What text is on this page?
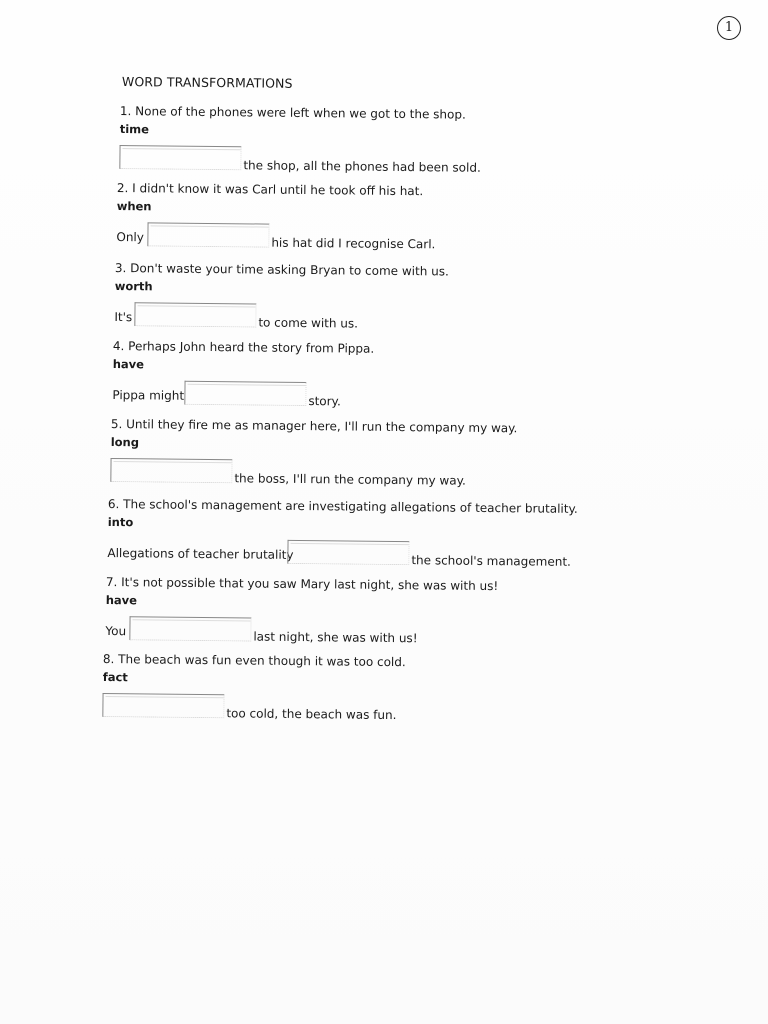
1
WORD TRANSFORMATIONS
1. None of the phones were left when we got to the shop.
time
the shop, all the phones had been sold.
2. I didn't know it was Carl until he took off his hat.
when
Only	his hat did I recognise Carl.
3. Don't waste your time asking Bryan to come with us.
worth
It's	to come with us.
4. Perhaps John heard the story from Pippa.
have
Pippa might	story.
5. Until they fire me as manager here, I'll run the company my way.
long
the boss, I'll run the company my way.
6. The school's management are investigating allegations of teacher brutality.
into
Allegations of teacher brutality	the school's management.
7. It's not possible that you saw Mary last night, she was with us!
have
You	last night, she was with us!
8. The beach was fun even though it was too cold.
fact
too cold, the beach was fun.
